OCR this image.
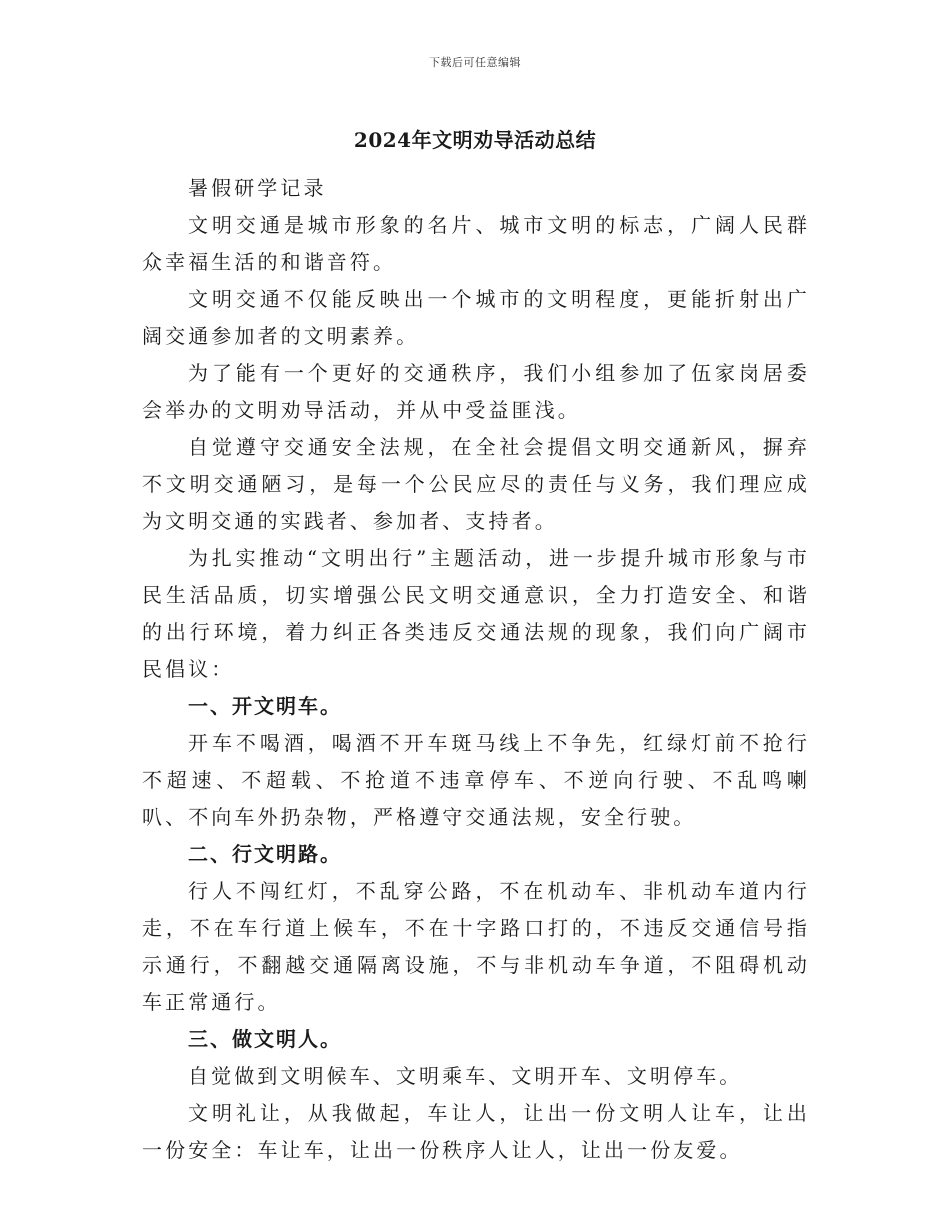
下载后可任意编辑
2024年文明劝导活动总结

暑假研学记录

文明交通是城市形象的名片、城市文明的标志，广阔人民群众幸福生活的和谐音符。

文明交通不仅能反映出一个城市的文明程度，更能折射出广阔交通参加者的文明素养。

为了能有一个更好的交通秩序，我们小组参加了伍家岗居委会举办的文明劝导活动，并从中受益匪浅。

自觉遵守交通安全法规，在全社会提倡文明交通新风，摒弃不文明交通陋习，是每一个公民应尽的责任与义务，我们理应成为文明交通的实践者、参加者、支持者。

为扎实推动“文明出行”主题活动，进一步提升城市形象与市民生活品质，切实增强公民文明交通意识，全力打造安全、和谐的出行环境，着力纠正各类违反交通法规的现象，我们向广阔市民倡议：

一、开文明车。

开车不喝酒，喝酒不开车斑马线上不争先，红绿灯前不抢行不超速、不超载、不抢道不违章停车、不逆向行驶、不乱鸣喇叭、不向车外扔杂物，严格遵守交通法规，安全行驶。

二、行文明路。

行人不闯红灯，不乱穿公路，不在机动车、非机动车道内行走，不在车行道上候车，不在十字路口打的，不违反交通信号指示通行，不翻越交通隔离设施，不与非机动车争道，不阻碍机动车正常通行。

三、做文明人。

自觉做到文明候车、文明乘车、文明开车、文明停车。

文明礼让，从我做起，车让人，让出一份文明人让车，让出一份安全：车让车，让出一份秩序人让人，让出一份友爱。
